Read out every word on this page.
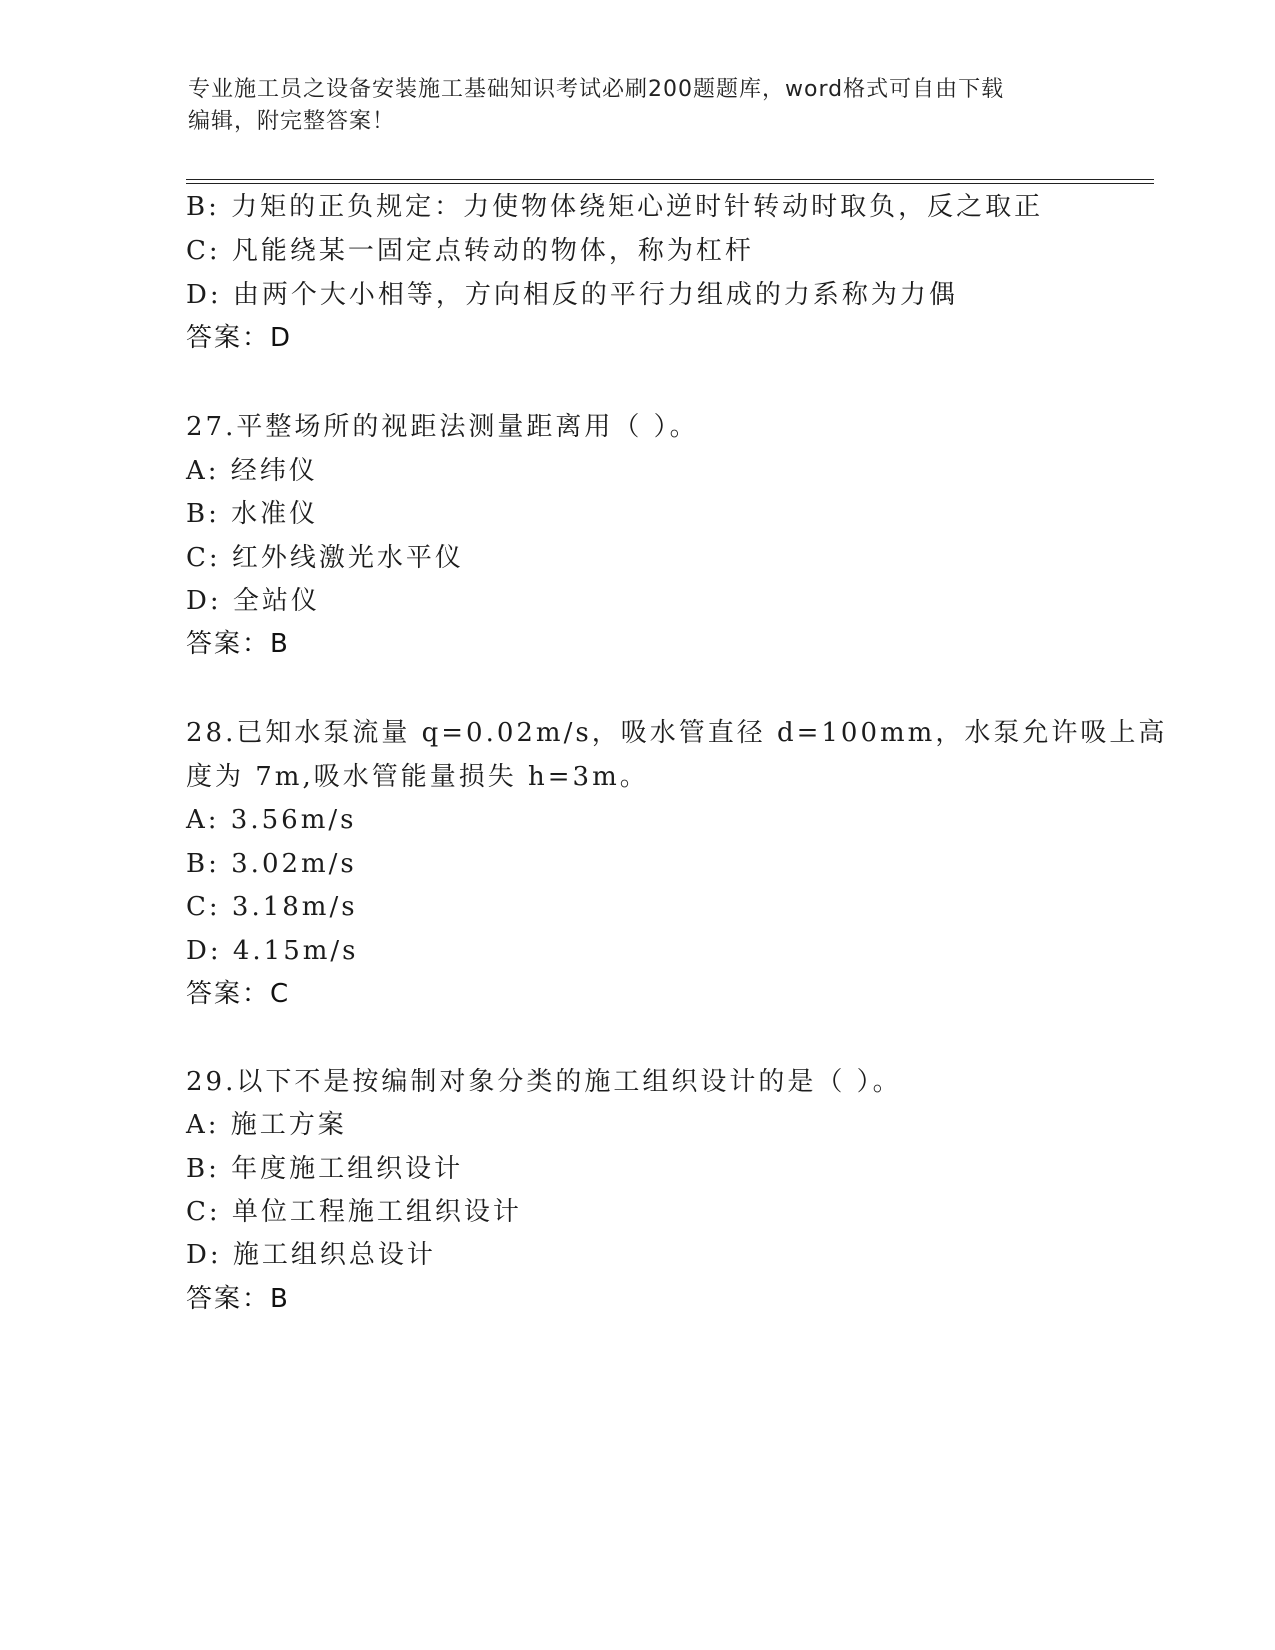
专业施工员之设备安装施工基础知识考试必刷200题题库，word格式可自由下载
编辑，附完整答案！
B: 力矩的正负规定：力使物体绕矩心逆时针转动时取负，反之取正
C: 凡能绕某一固定点转动的物体，称为杠杆
D: 由两个大小相等，方向相反的平行力组成的力系称为力偶
答案：D
27.平整场所的视距法测量距离用（ ）。
A: 经纬仪
B: 水准仪
C: 红外线激光水平仪
D: 全站仪
答案：B
28.已知水泵流量 q=0.02m/s，吸水管直径 d=100mm，水泵允许吸上高
度为 7m,吸水管能量损失 h=3m。
A: 3.56m/s
B: 3.02m/s
C: 3.18m/s
D: 4.15m/s
答案：C
29.以下不是按编制对象分类的施工组织设计的是（ ）。
A: 施工方案
B: 年度施工组织设计
C: 单位工程施工组织设计
D: 施工组织总设计
答案：B
